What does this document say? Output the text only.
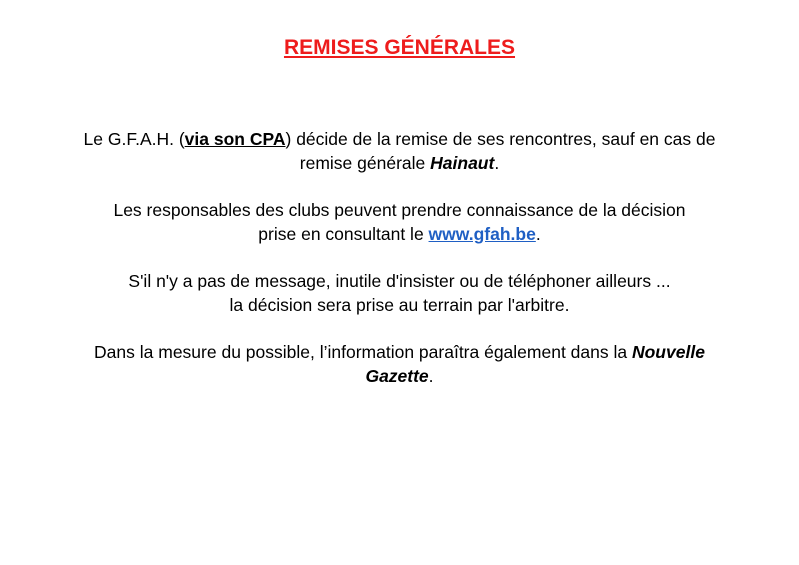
REMISES GÉNÉRALES

Le G.F.A.H. (via son CPA) décide de la remise de ses rencontres, sauf en cas de
remise générale Hainaut.

Les responsables des clubs peuvent prendre connaissance de la décision
prise en consultant le www.gfah.be.

S'il n'y a pas de message, inutile d'insister ou de téléphoner ailleurs ...
la décision sera prise au terrain par l'arbitre.

Dans la mesure du possible, l’information paraîtra également dans la Nouvelle
Gazette.
